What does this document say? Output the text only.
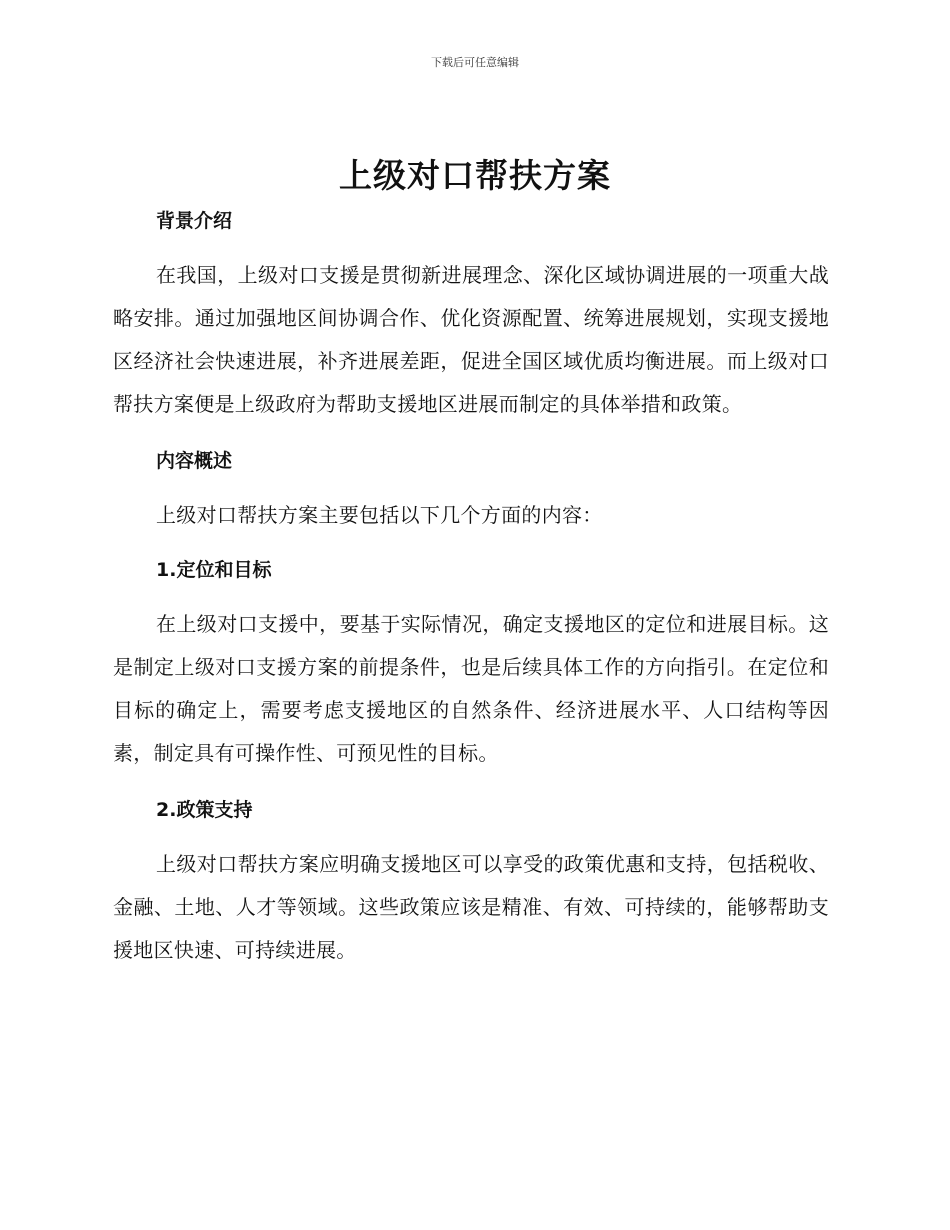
下载后可任意编辑
上级对口帮扶方案
背景介绍

在我国，上级对口支援是贯彻新进展理念、深化区域协调进展的一项重大战略安排。通过加强地区间协调合作、优化资源配置、统筹进展规划，实现支援地区经济社会快速进展，补齐进展差距，促进全国区域优质均衡进展。而上级对口帮扶方案便是上级政府为帮助支援地区进展而制定的具体举措和政策。

内容概述

上级对口帮扶方案主要包括以下几个方面的内容：

1.定位和目标

在上级对口支援中，要基于实际情况，确定支援地区的定位和进展目标。这是制定上级对口支援方案的前提条件，也是后续具体工作的方向指引。在定位和目标的确定上，需要考虑支援地区的自然条件、经济进展水平、人口结构等因素，制定具有可操作性、可预见性的目标。

2.政策支持

上级对口帮扶方案应明确支援地区可以享受的政策优惠和支持，包括税收、金融、土地、人才等领域。这些政策应该是精准、有效、可持续的，能够帮助支援地区快速、可持续进展。
